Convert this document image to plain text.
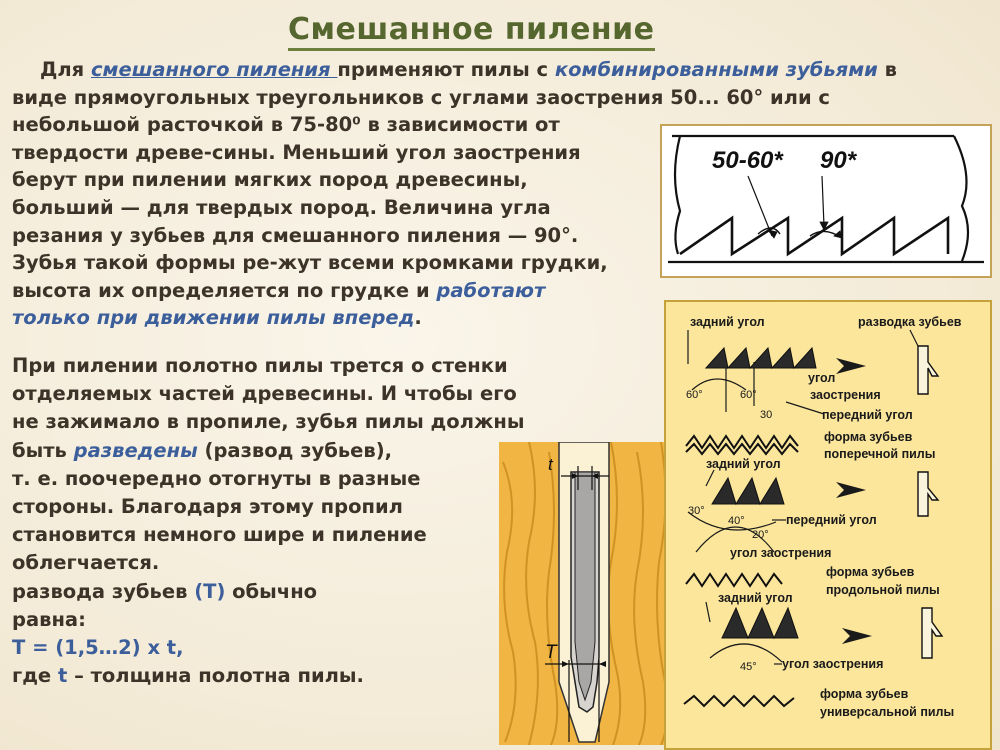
Смешанное пиление
Для смешанного пиления применяют пилы с комбинированными зубьями в
виде прямоугольных треугольников с углами заострения 50... 60° или с
небольшой расточкой в 75-80⁰ в зависимости от
твердости древе-сины. Меньший угол заострения
берут при пилении мягких пород древесины,
больший — для твердых пород. Величина угла
резания у зубьев для смешанного пиления — 90°.
Зубья такой формы ре-жут всеми кромками грудки,
высота их определяется по грудке и работают
только при движении пилы вперед.
При пилении полотно пилы трется о стенки
отделяемых частей древесины. И чтобы его
не зажимало в пропиле, зубья пилы должны
быть разведены (развод зубьев),
т. е. поочередно отогнуты в разные
стороны. Благодаря этому пропил
становится немного шире и пиление
облегчается.
развода зубьев (T) обычно
равна:
T = (1,5…2) x t,
где t – толщина полотна пилы.
50-60* 90*
t
T
задний угол	разводка зубьев
угол
заострения
передний угол
форма зубьев
поперечной пилы
задний угол
передний угол
угол заострения
форма зубьев
продольной пилы
задний угол
угол заострения
форма зубьев
универсальной пилы
60°	60°
30
30°
40°
20°
45°
